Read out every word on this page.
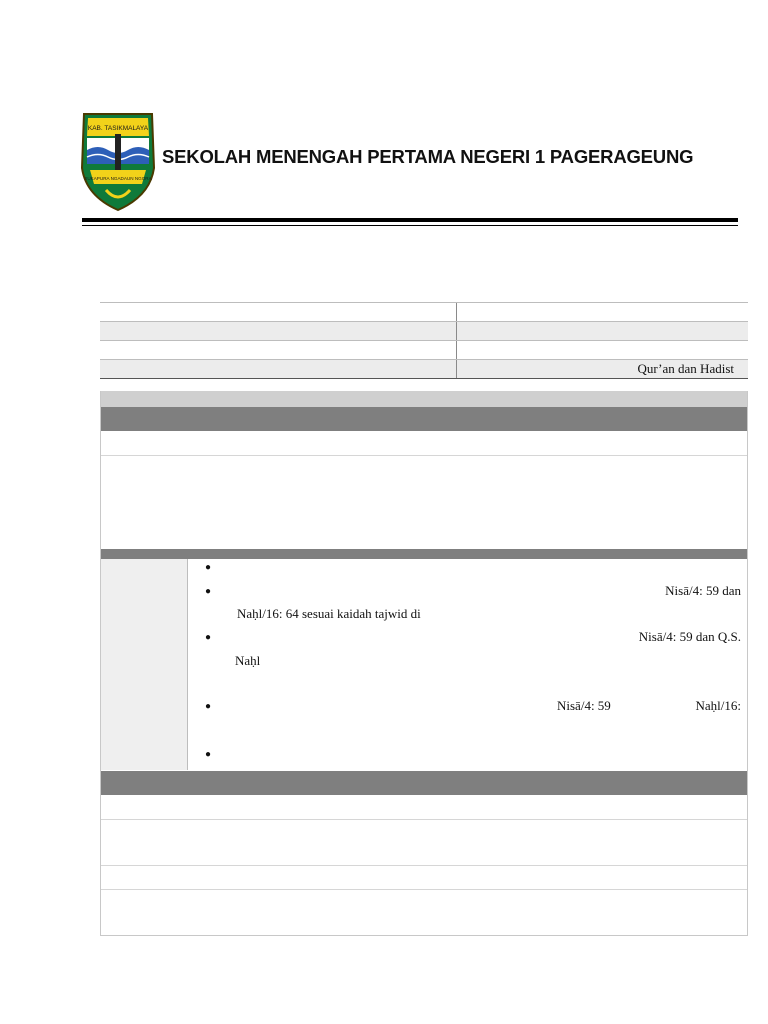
KAB. TASIKMALAYA
SUKAPURA NGADAUN NGORA
SEKOLAH MENENGAH PERTAMA NEGERI 1 PAGERAGEUNG
Qur’an dan Hadist
●
●	Nisā/4: 59 dan
Naḥl/16: 64 sesuai kaidah tajwid di
●	Nisā/4: 59 dan Q.S.
Naḥl
●	Nisā/4: 59	Naḥl/16:
●
